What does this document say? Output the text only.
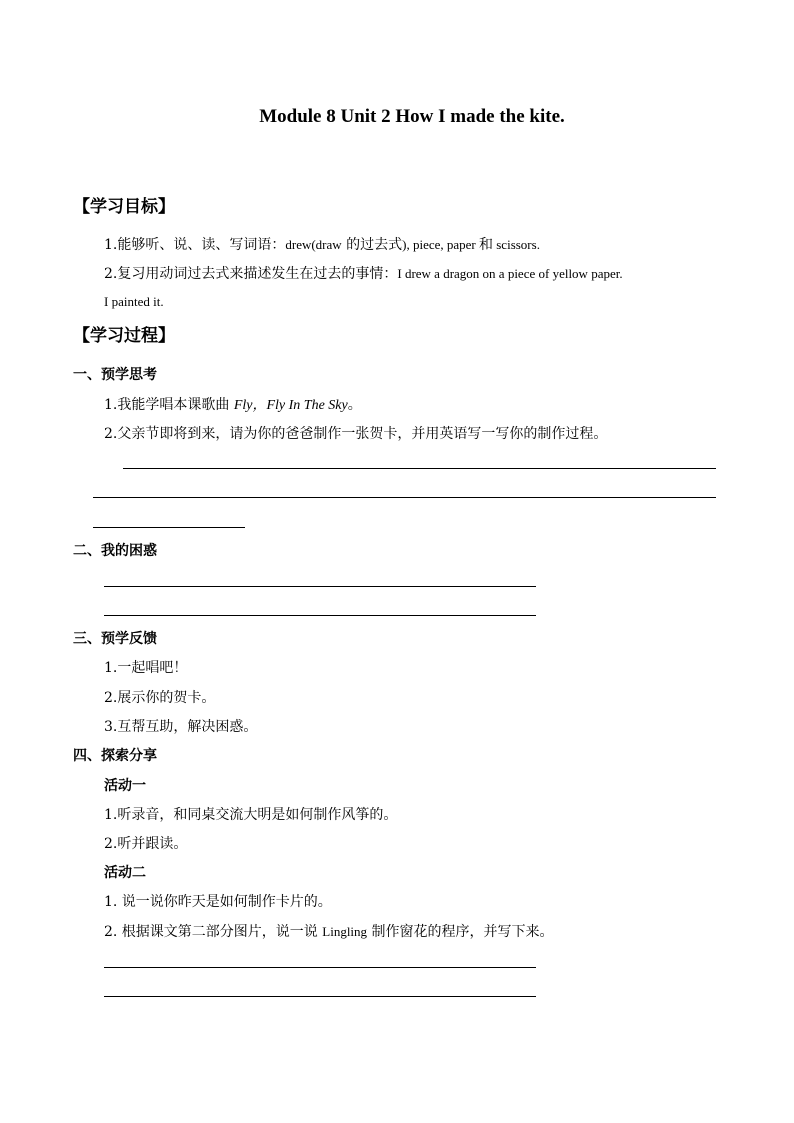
Module 8 Unit 2 How I made the kite.
【学习目标】
1.能够听、说、读、写词语：drew(draw 的过去式), piece, paper 和 scissors.
2.复习用动词过去式来描述发生在过去的事情：I drew a dragon on a piece of yellow paper.
I painted it.
【学习过程】
一、预学思考
1.我能学唱本课歌曲 Fly，Fly In The Sky。
2.父亲节即将到来，请为你的爸爸制作一张贺卡，并用英语写一写你的制作过程。
二、我的困惑
三、预学反馈
1.一起唱吧！
2.展示你的贺卡。
3.互帮互助，解决困惑。
四、探索分享
活动一
1.听录音，和同桌交流大明是如何制作风筝的。
2.听并跟读。
活动二
1. 说一说你昨天是如何制作卡片的。
2. 根据课文第二部分图片，说一说 Lingling 制作窗花的程序，并写下来。
